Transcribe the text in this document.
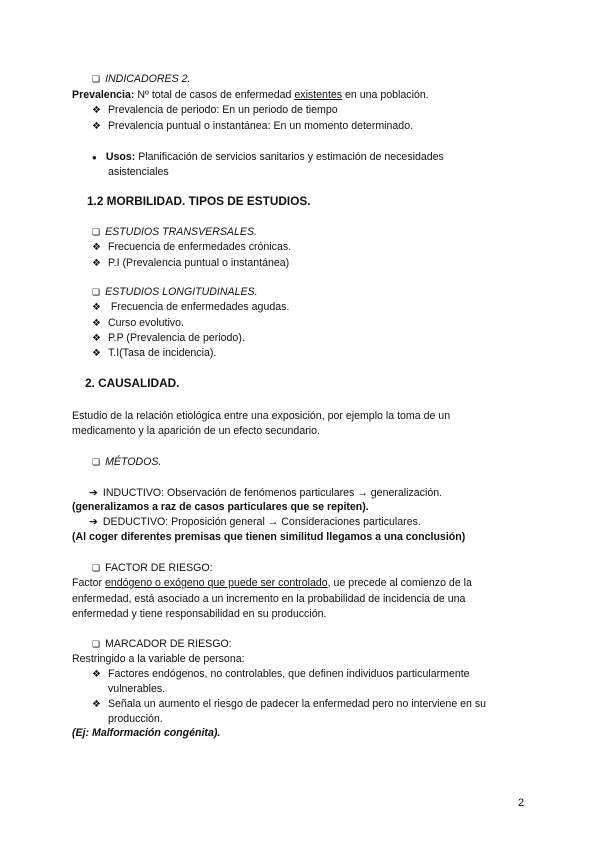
❑ INDICADORES 2.
Prevalencia: Nº total de casos de enfermedad existentes en una población.
❖ Prevalencia de periodo: En un periodo de tiempo
❖ Prevalencia puntual o instantánea: En un momento determinado.
● Usos: Planificación de servicios sanitarios y estimación de necesidades
asistenciales
1.2 MORBILIDAD. TIPOS DE ESTUDIOS.
❑ ESTUDIOS TRANSVERSALES.
❖ Frecuencia de enfermedades crónicas.
❖ P.I (Prevalencia puntual o instantánea)
❑ ESTUDIOS LONGITUDINALES.
❖ Frecuencia de enfermedades agudas.
❖ Curso evolutivo.
❖ P.P (Prevalencia de periodo).
❖ T.I(Tasa de incidencia).
2. CAUSALIDAD.
Estudio de la relación etiológica entre una exposición, por ejemplo la toma de un
medicamento y la aparición de un efecto secundario.
❑ MÉTODOS.
➔ INDUCTIVO: Observación de fenómenos particulares → generalización.
(generalizamos a raz de casos particulares que se repiten).
➔ DEDUCTIVO: Proposición general → Consideraciones particulares.
(Al coger diferentes premisas que tienen similitud llegamos a una conclusión)
❑ FACTOR DE RIESGO:
Factor endógeno o exógeno que puede ser controlado, ue precede al comienzo de la
enfermedad, está asociado a un incremento en la probabilidad de incidencia de una
enfermedad y tiene responsabilidad en su producción.
❑ MARCADOR DE RIESGO:
Restringido a la variable de persona:
❖ Factores endógenos, no controlables, que definen individuos particularmente
vulnerables.
❖ Señala un aumento el riesgo de padecer la enfermedad pero no interviene en su
producción.
(Ej: Malformación congénita).
2
